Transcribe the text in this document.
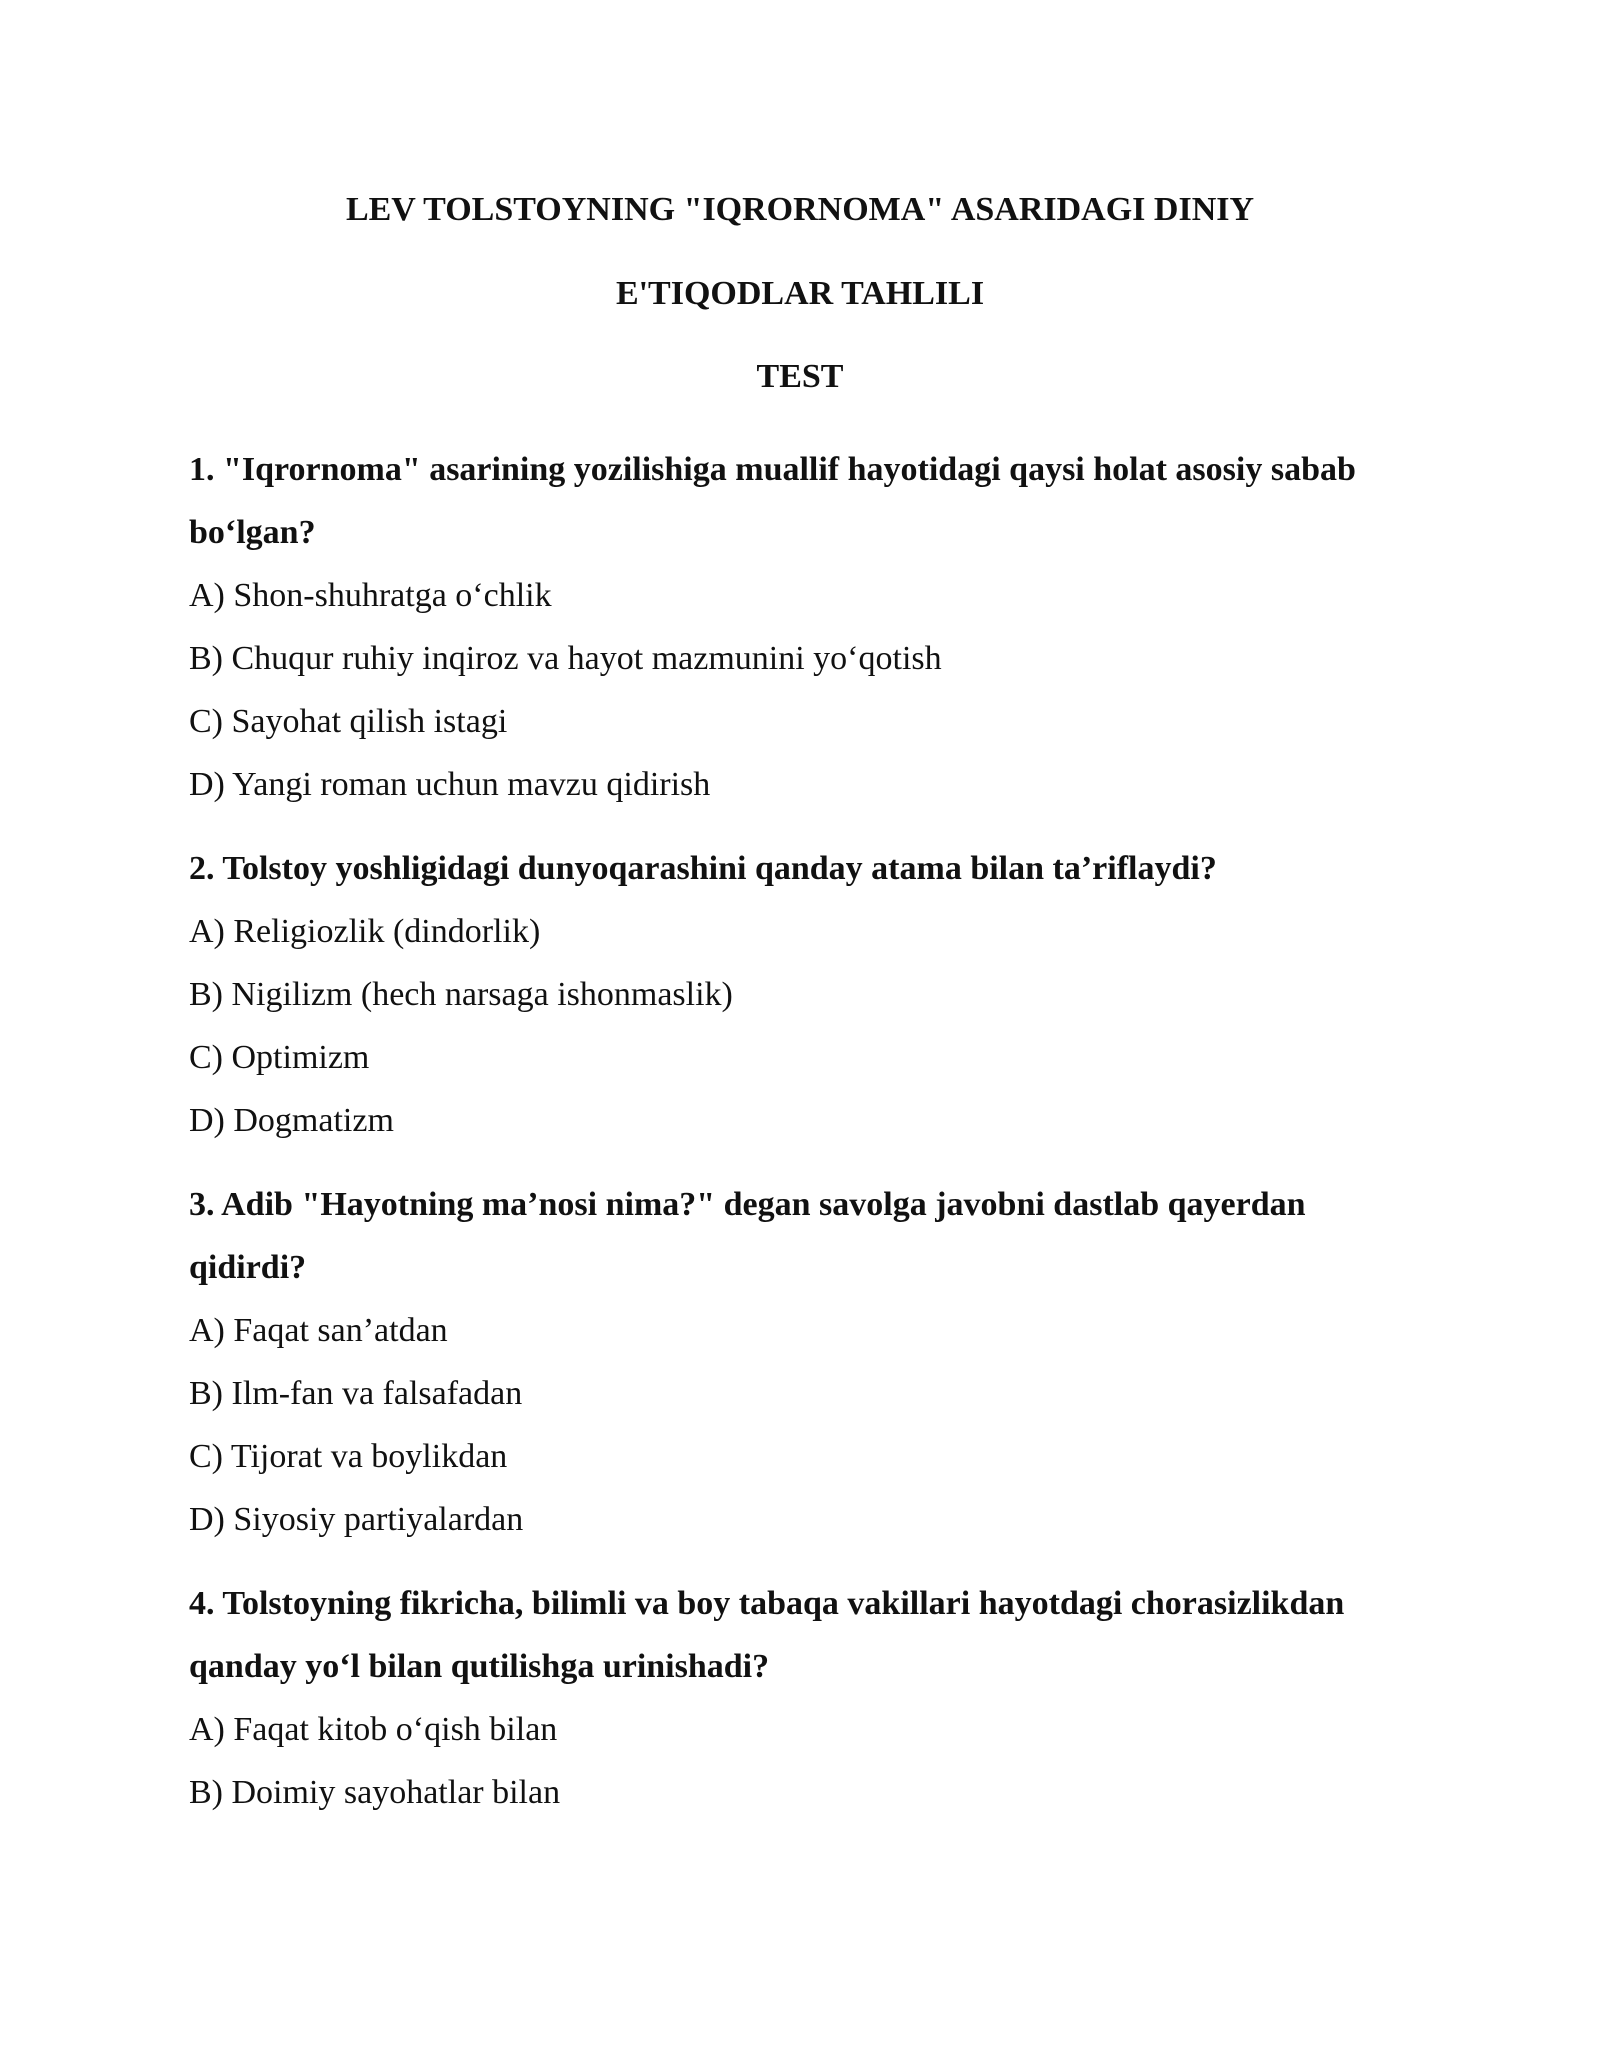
LEV TOLSTOYNING "IQRORNOMA" ASARIDAGI DINIY
E'TIQODLAR TAHLILI
TEST

1. "Iqrornoma" asarining yozilishiga muallif hayotidagi qaysi holat asosiy sabab bo‘lgan?

A) Shon-shuhratga o‘chlik

B) Chuqur ruhiy inqiroz va hayot mazmunini yo‘qotish

C) Sayohat qilish istagi

D) Yangi roman uchun mavzu qidirish

2. Tolstoy yoshligidagi dunyoqarashini qanday atama bilan ta’riflaydi?

A) Religiozlik (dindorlik)

B) Nigilizm (hech narsaga ishonmaslik)

C) Optimizm

D) Dogmatizm

3. Adib "Hayotning ma’nosi nima?" degan savolga javobni dastlab qayerdan qidirdi?

A) Faqat san’atdan

B) Ilm-fan va falsafadan

C) Tijorat va boylikdan

D) Siyosiy partiyalardan

4. Tolstoyning fikricha, bilimli va boy tabaqa vakillari hayotdagi chorasizlikdan qanday yo‘l bilan qutilishga urinishadi?

A) Faqat kitob o‘qish bilan

B) Doimiy sayohatlar bilan
